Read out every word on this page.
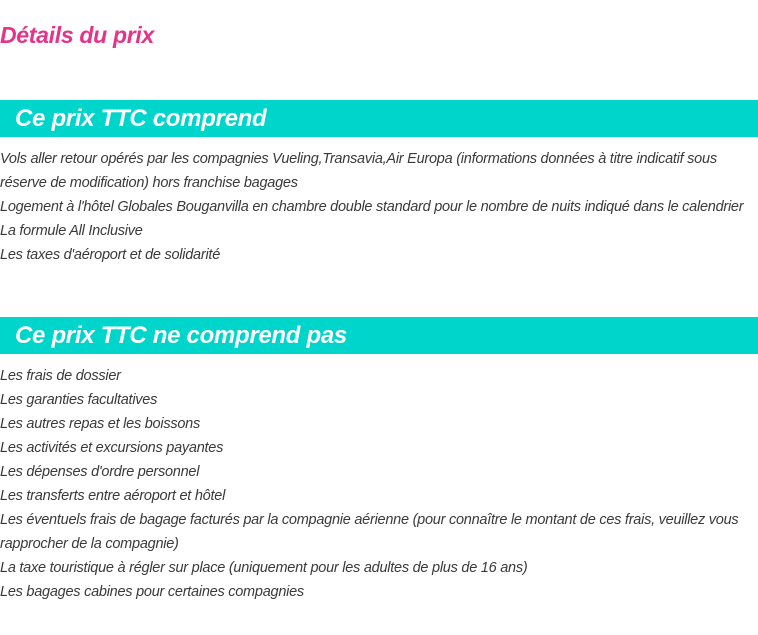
Détails du prix
Ce prix TTC comprend
Vols aller retour opérés par les compagnies Vueling,Transavia,Air Europa (informations données à titre indicatif sous réserve de modification) hors franchise bagages
Logement à l'hôtel Globales Bouganvilla en chambre double standard pour le nombre de nuits indiqué dans le calendrier
La formule All Inclusive
Les taxes d'aéroport et de solidarité
Ce prix TTC ne comprend pas
Les frais de dossier
Les garanties facultatives
Les autres repas et les boissons
Les activités et excursions payantes
Les dépenses d'ordre personnel
Les transferts entre aéroport et hôtel
Les éventuels frais de bagage facturés par la compagnie aérienne (pour connaître le montant de ces frais, veuillez vous rapprocher de la compagnie)
La taxe touristique à régler sur place (uniquement pour les adultes de plus de 16 ans)
Les bagages cabines pour certaines compagnies
